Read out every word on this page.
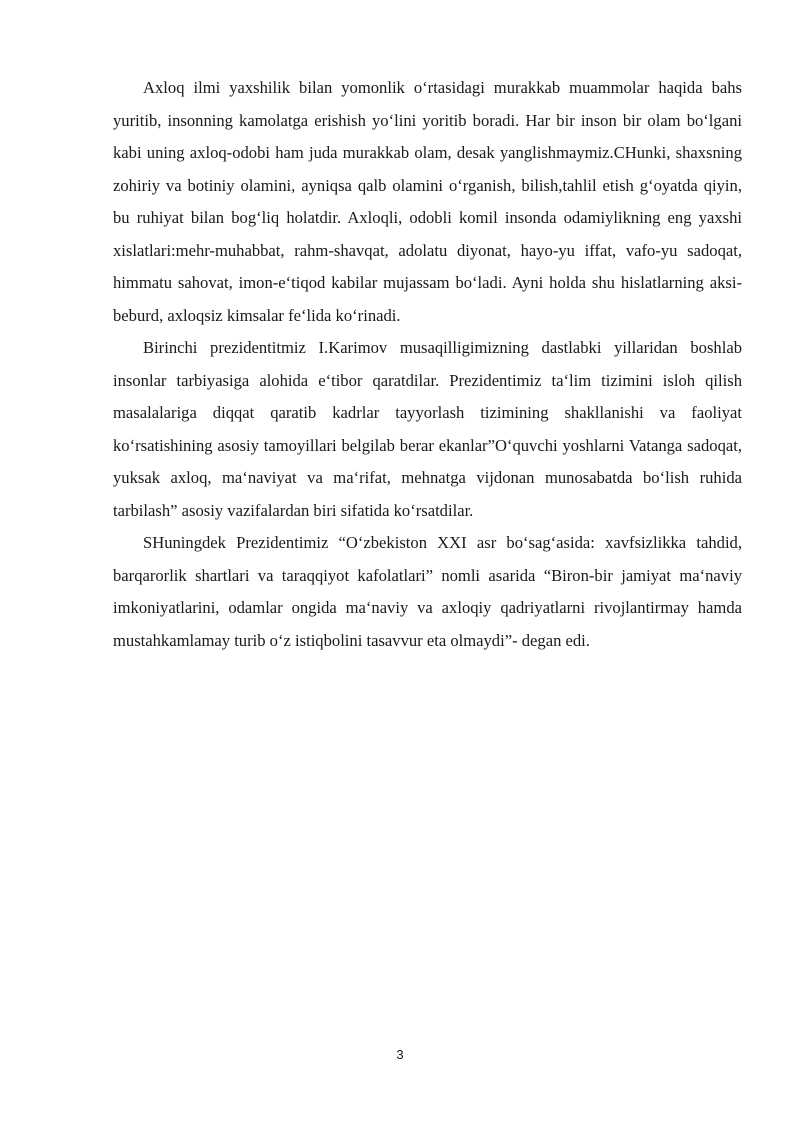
Axloq ilmi yaxshilik bilan yomonlik o‘rtasidagi murakkab muammolar haqida bahs yuritib, insonning kamolatga erishish yo‘lini yoritib boradi. Har bir inson bir olam bo‘lgani kabi uning axloq-odobi ham juda murakkab olam, desak yanglishmaymiz.CHunki, shaxsning zohiriy va botiniy olamini, ayniqsa qalb olamini o‘rganish, bilish,tahlil etish g‘oyatda qiyin, bu ruhiyat bilan bog‘liq holatdir. Axloqli, odobli komil insonda odamiylikning eng yaxshi xislatlari:mehr-muhabbat, rahm-shavqat, adolatu diyonat, hayo-yu iffat, vafo-yu sadoqat, himmatu sahovat, imon-e‘tiqod kabilar mujassam bo‘ladi. Ayni holda shu hislatlarning aksi-beburd, axloqsiz kimsalar fe‘lida ko‘rinadi.

Birinchi prezidentitmiz I.Karimov musaqilligimizning dastlabki yillaridan boshlab insonlar tarbiyasiga alohida e‘tibor qaratdilar. Prezidentimiz ta‘lim tizimini isloh qilish masalalariga diqqat qaratib kadrlar tayyorlash tizimining shakllanishi va faoliyat ko‘rsatishining asosiy tamoyillari belgilab berar ekanlar”O‘quvchi yoshlarni Vatanga sadoqat, yuksak axloq, ma‘naviyat va ma‘rifat, mehnatga vijdonan munosabatda bo‘lish ruhida tarbilash” asosiy vazifalardan biri sifatida ko‘rsatdilar.

SHuningdek Prezidentimiz “O‘zbekiston XXI asr bo‘sag‘asida: xavfsizlikka tahdid, barqarorlik shartlari va taraqqiyot kafolatlari” nomli asarida “Biron-bir jamiyat ma‘naviy imkoniyatlarini, odamlar ongida ma‘naviy va axloqiy qadriyatlarni rivojlantirmay hamda mustahkamlamay turib o‘z istiqbolini tasavvur eta olmaydi”- degan edi.

3
